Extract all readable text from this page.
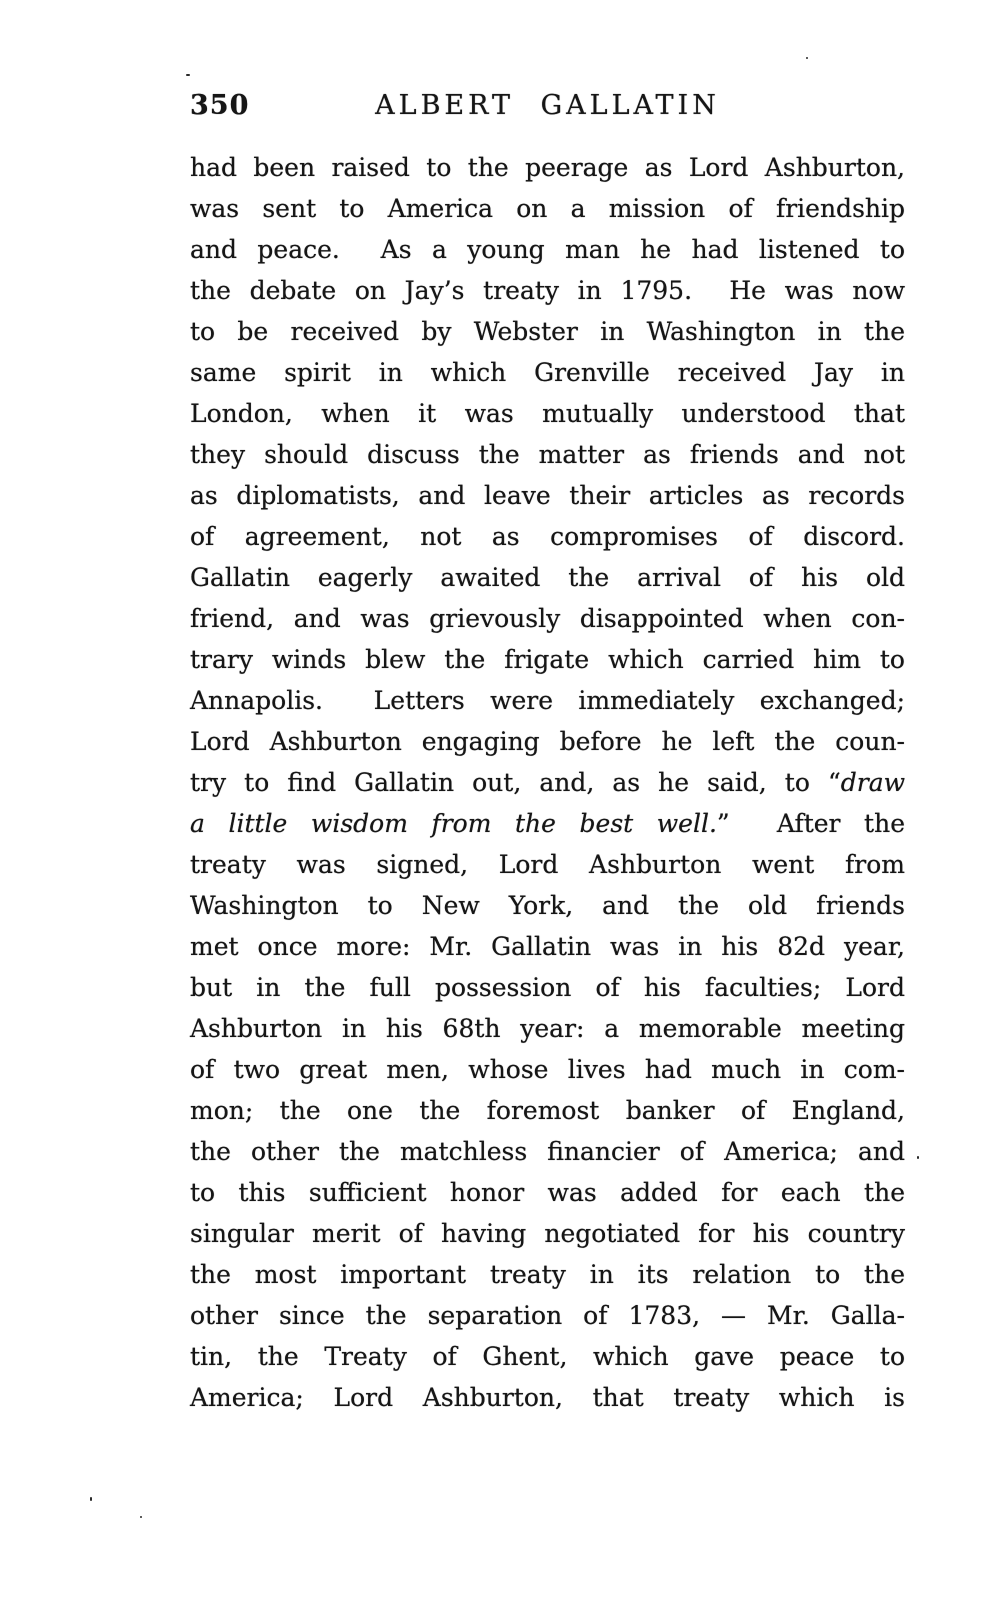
350	ALBERT GALLATIN
had been raised to the peerage as Lord Ashburton,
was sent to America on a mission of friendship
and peace.  As a young man he had listened to
the debate on Jay’s treaty in 1795.  He was now
to be received by Webster in Washington in the
same spirit in which Grenville received Jay in
London, when it was mutually understood that
they should discuss the matter as friends and not
as diplomatists, and leave their articles as records
of agreement, not as compromises of discord.
Gallatin eagerly awaited the arrival of his old
friend, and was grievously disappointed when con-
trary winds blew the frigate which carried him to
Annapolis.  Letters were immediately exchanged;
Lord Ashburton engaging before he left the coun-
try to find Gallatin out, and, as he said, to “draw
a little wisdom from the best well.”  After the
treaty was signed, Lord Ashburton went from
Washington to New York, and the old friends
met once more: Mr. Gallatin was in his 82d year,
but in the full possession of his faculties; Lord
Ashburton in his 68th year: a memorable meeting
of two great men, whose lives had much in com-
mon; the one the foremost banker of England,
the other the matchless financier of America; and
to this sufficient honor was added for each the
singular merit of having negotiated for his country
the most important treaty in its relation to the
other since the separation of 1783, — Mr. Galla-
tin, the Treaty of Ghent, which gave peace to
America; Lord Ashburton, that treaty which is
